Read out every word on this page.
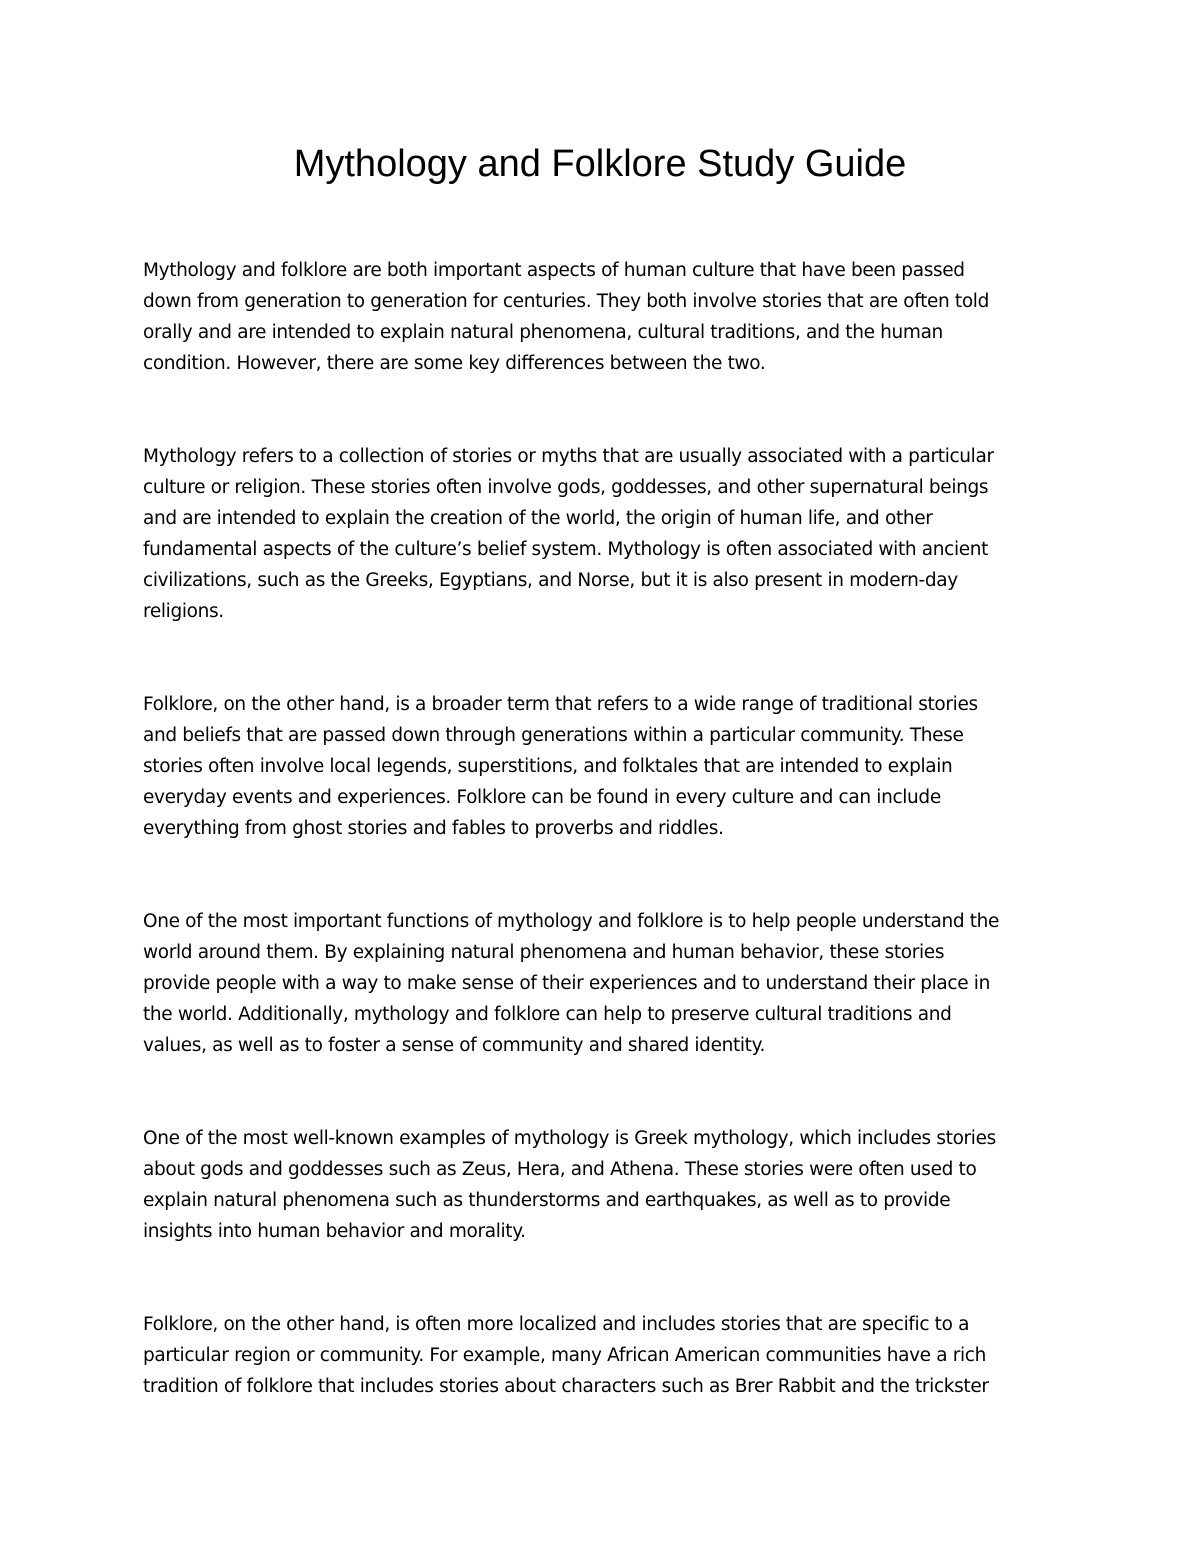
Mythology and Folklore Study Guide

Mythology and folklore are both important aspects of human culture that have been passed
down from generation to generation for centuries. They both involve stories that are often told
orally and are intended to explain natural phenomena, cultural traditions, and the human
condition. However, there are some key differences between the two.

Mythology refers to a collection of stories or myths that are usually associated with a particular
culture or religion. These stories often involve gods, goddesses, and other supernatural beings
and are intended to explain the creation of the world, the origin of human life, and other
fundamental aspects of the culture’s belief system. Mythology is often associated with ancient
civilizations, such as the Greeks, Egyptians, and Norse, but it is also present in modern-day
religions.

Folklore, on the other hand, is a broader term that refers to a wide range of traditional stories
and beliefs that are passed down through generations within a particular community. These
stories often involve local legends, superstitions, and folktales that are intended to explain
everyday events and experiences. Folklore can be found in every culture and can include
everything from ghost stories and fables to proverbs and riddles.

One of the most important functions of mythology and folklore is to help people understand the
world around them. By explaining natural phenomena and human behavior, these stories
provide people with a way to make sense of their experiences and to understand their place in
the world. Additionally, mythology and folklore can help to preserve cultural traditions and
values, as well as to foster a sense of community and shared identity.

One of the most well-known examples of mythology is Greek mythology, which includes stories
about gods and goddesses such as Zeus, Hera, and Athena. These stories were often used to
explain natural phenomena such as thunderstorms and earthquakes, as well as to provide
insights into human behavior and morality.

Folklore, on the other hand, is often more localized and includes stories that are specific to a
particular region or community. For example, many African American communities have a rich
tradition of folklore that includes stories about characters such as Brer Rabbit and the trickster
